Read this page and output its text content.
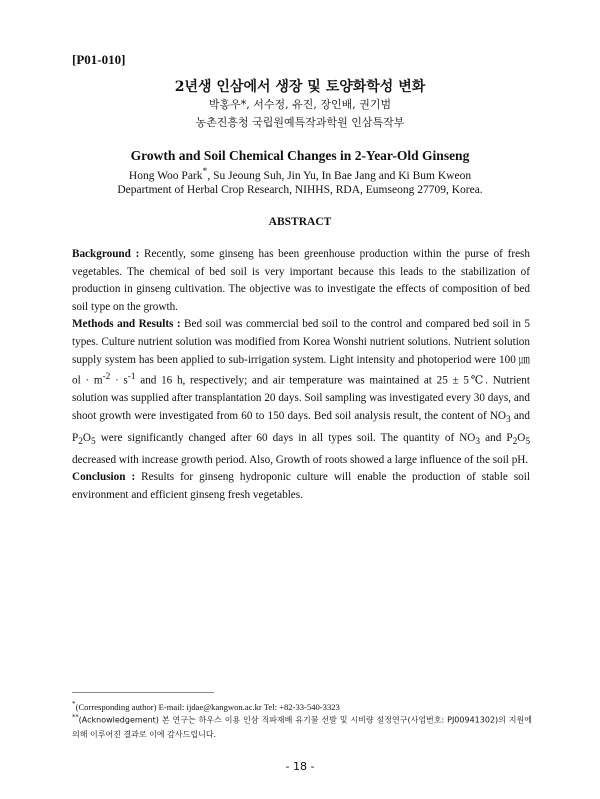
[P01-010]
2년생 인삼에서 생장 및 토양화학성 변화
박홍우*, 서수정, 유진, 장인배, 권기범
농촌진흥청 국립원예특작과학원 인삼특작부
Growth and Soil Chemical Changes in 2-Year-Old Ginseng
Hong Woo Park*, Su Jeoung Suh, Jin Yu, In Bae Jang and Ki Bum Kweon
Department of Herbal Crop Research, NIHHS, RDA, Eumseong 27709, Korea.
ABSTRACT

Background : Recently, some ginseng has been greenhouse production within the purse of fresh vegetables. The chemical of bed soil is very important because this leads to the stabilization of production in ginseng cultivation. The objective was to investigate the effects of composition of bed soil type on the growth.

Methods and Results : Bed soil was commercial bed soil to the control and compared bed soil in 5 types. Culture nutrient solution was modified from Korea Wonshi nutrient solutions. Nutrient solution supply system has been applied to sub-irrigation system. Light intensity and photoperiod were 100 ㎛ol · $m^{-2} \cdot s^{-1}$ and 16 h, respectively; and air temperature was maintained at 25 ± 5℃. Nutrient solution was supplied after transplantation 20 days. Soil sampling was investigated every 30 days, and shoot growth were investigated from 60 to 150 days. Bed soil analysis result, the content of $NO_3$ and $P_2O_5$ were significantly changed after 60 days in all types soil. The quantity of $NO_3$ and $P_2O_5$ decreased with increase growth period. Also, Growth of roots showed a large influence of the soil pH.

Conclusion : Results for ginseng hydroponic culture will enable the production of stable soil environment and efficient ginseng fresh vegetables.

*(Corresponding author) E-mail: ijdae@kangwon.ac.kr Tel: +82-33-540-3323
**(Acknowledgement) 본 연구는 하우스 이용 인삼 직파재배 유기물 선발 및 시비량 설정연구(사업번호: PJ00941302)의 지원에 의해 이루어진 결과로 이에 감사드립니다.
- 18 -
